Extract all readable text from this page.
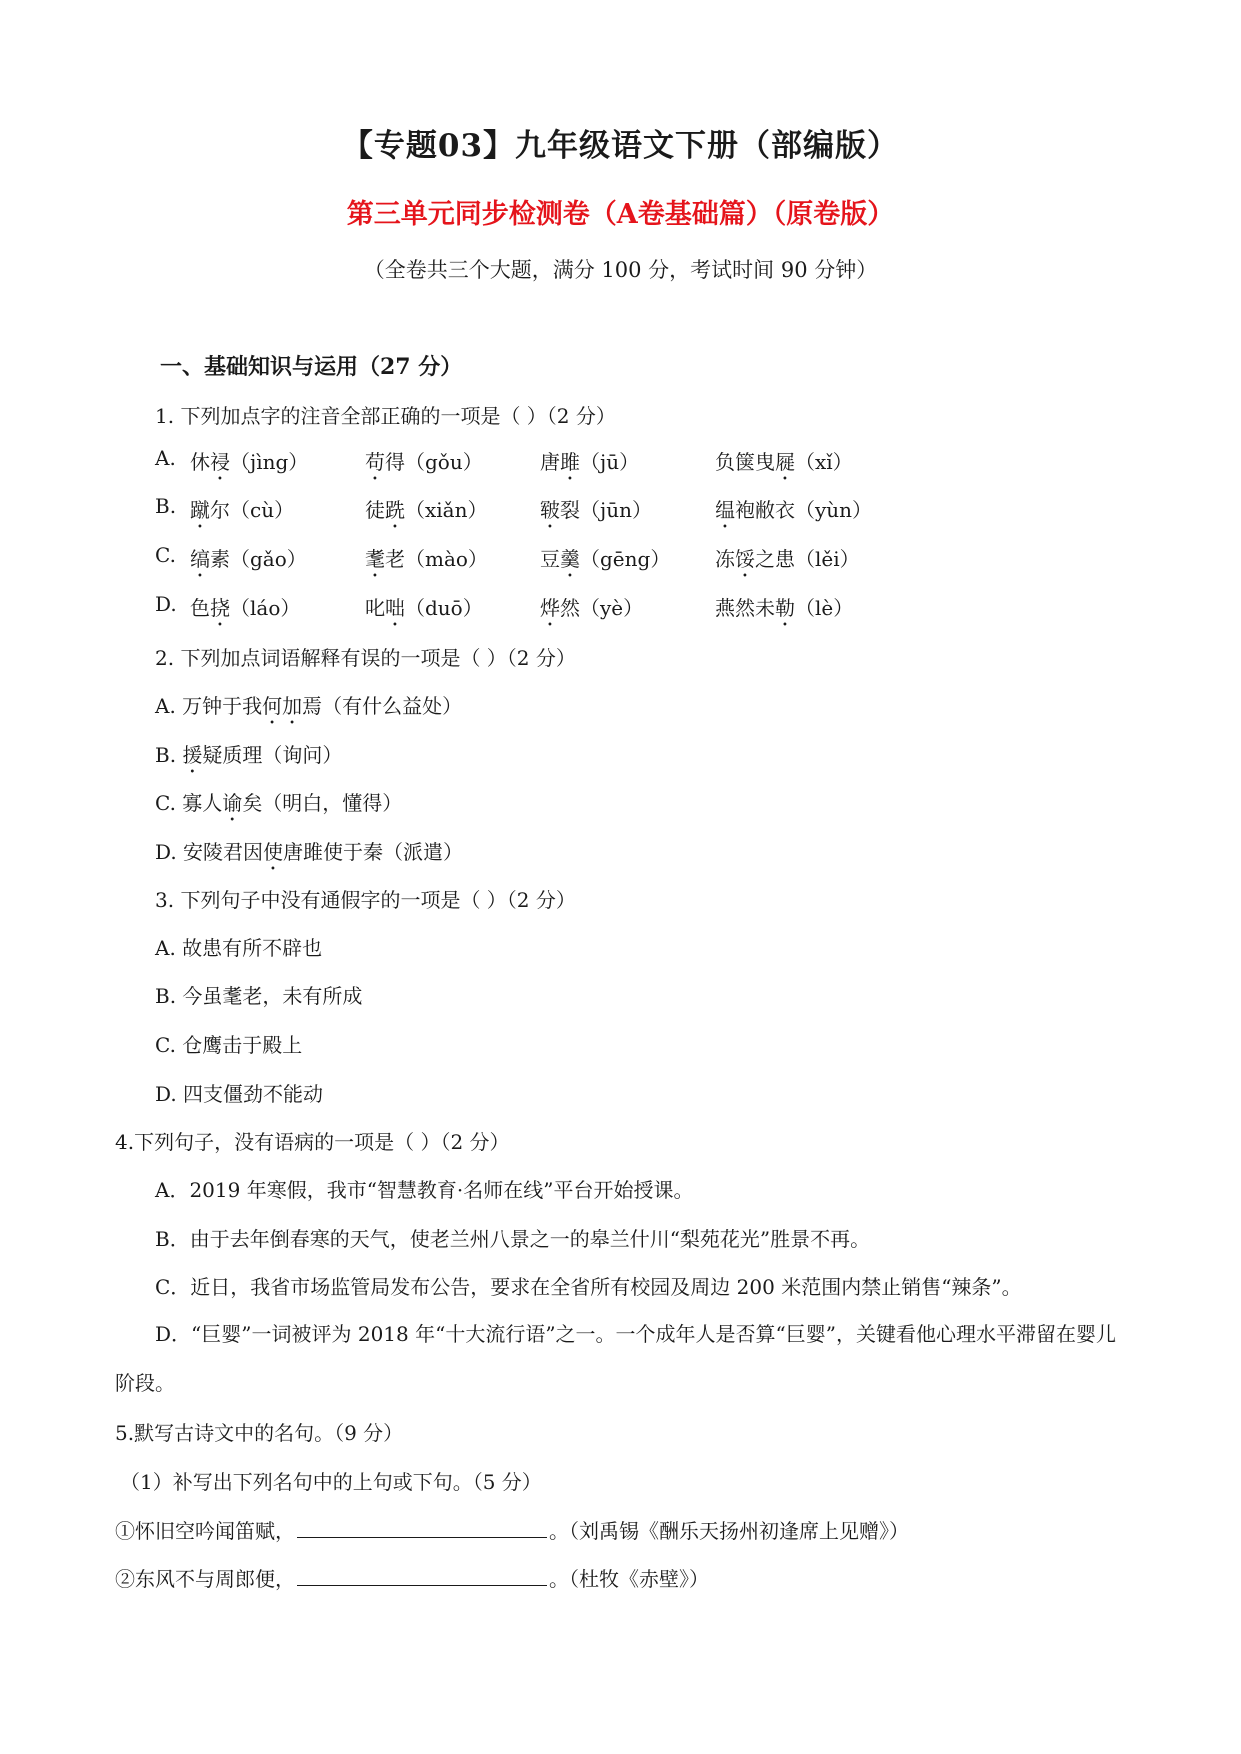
【专题03】九年级语文下册（部编版）
第三单元同步检测卷（A卷基础篇）（原卷版）
（全卷共三个大题，满分 100 分，考试时间 90 分钟）
一、基础知识与运用（27 分）
1. 下列加点字的注音全部正确的一项是（ ）（2 分）
A. 休祲（jìng）	苟得（gǒu）	唐雎（jū）	负箧曳屣（xǐ）
B. 蹴尔（cù）	徒跣（xiǎn）	皲裂（jūn）	缊袍敝衣（yùn）
C. 缟素（gǎo）	耄老（mào）	豆羹（gēng） 冻馁之患（lěi）
D. 色挠（láo）	叱咄（duō）	烨然（yè）	燕然未勒（lè）
2. 下列加点词语解释有误的一项是（ ）（2 分）
A. 万钟于我何加焉（有什么益处）
B. 援疑质理（询问）
C. 寡人谕矣（明白，懂得）
D. 安陵君因使唐雎使于秦（派遣）
3. 下列句子中没有通假字的一项是（ ）（2 分）
A. 故患有所不辟也
B. 今虽耄老，未有所成
C. 仓鹰击于殿上
D. 四支僵劲不能动
4.下列句子，没有语病的一项是（ ）（2 分）
A．2019 年寒假，我市“智慧教育·名师在线”平台开始授课。
B．由于去年倒春寒的天气，使老兰州八景之一的皋兰什川“梨苑花光”胜景不再。
C．近日，我省市场监管局发布公告，要求在全省所有校园及周边 200 米范围内禁止销售“辣条”。
D．“巨婴”一词被评为 2018 年“十大流行语”之一。一个成年人是否算“巨婴”，关键看他心理水平滞留在婴儿阶段。
5.默写古诗文中的名句。（9 分）
（1）补写出下列名句中的上句或下句。（5 分）
①怀旧空吟闻笛赋，	。（刘禹锡《酬乐天扬州初逢席上见赠》）
②东风不与周郎便，	。（杜牧《赤壁》）
